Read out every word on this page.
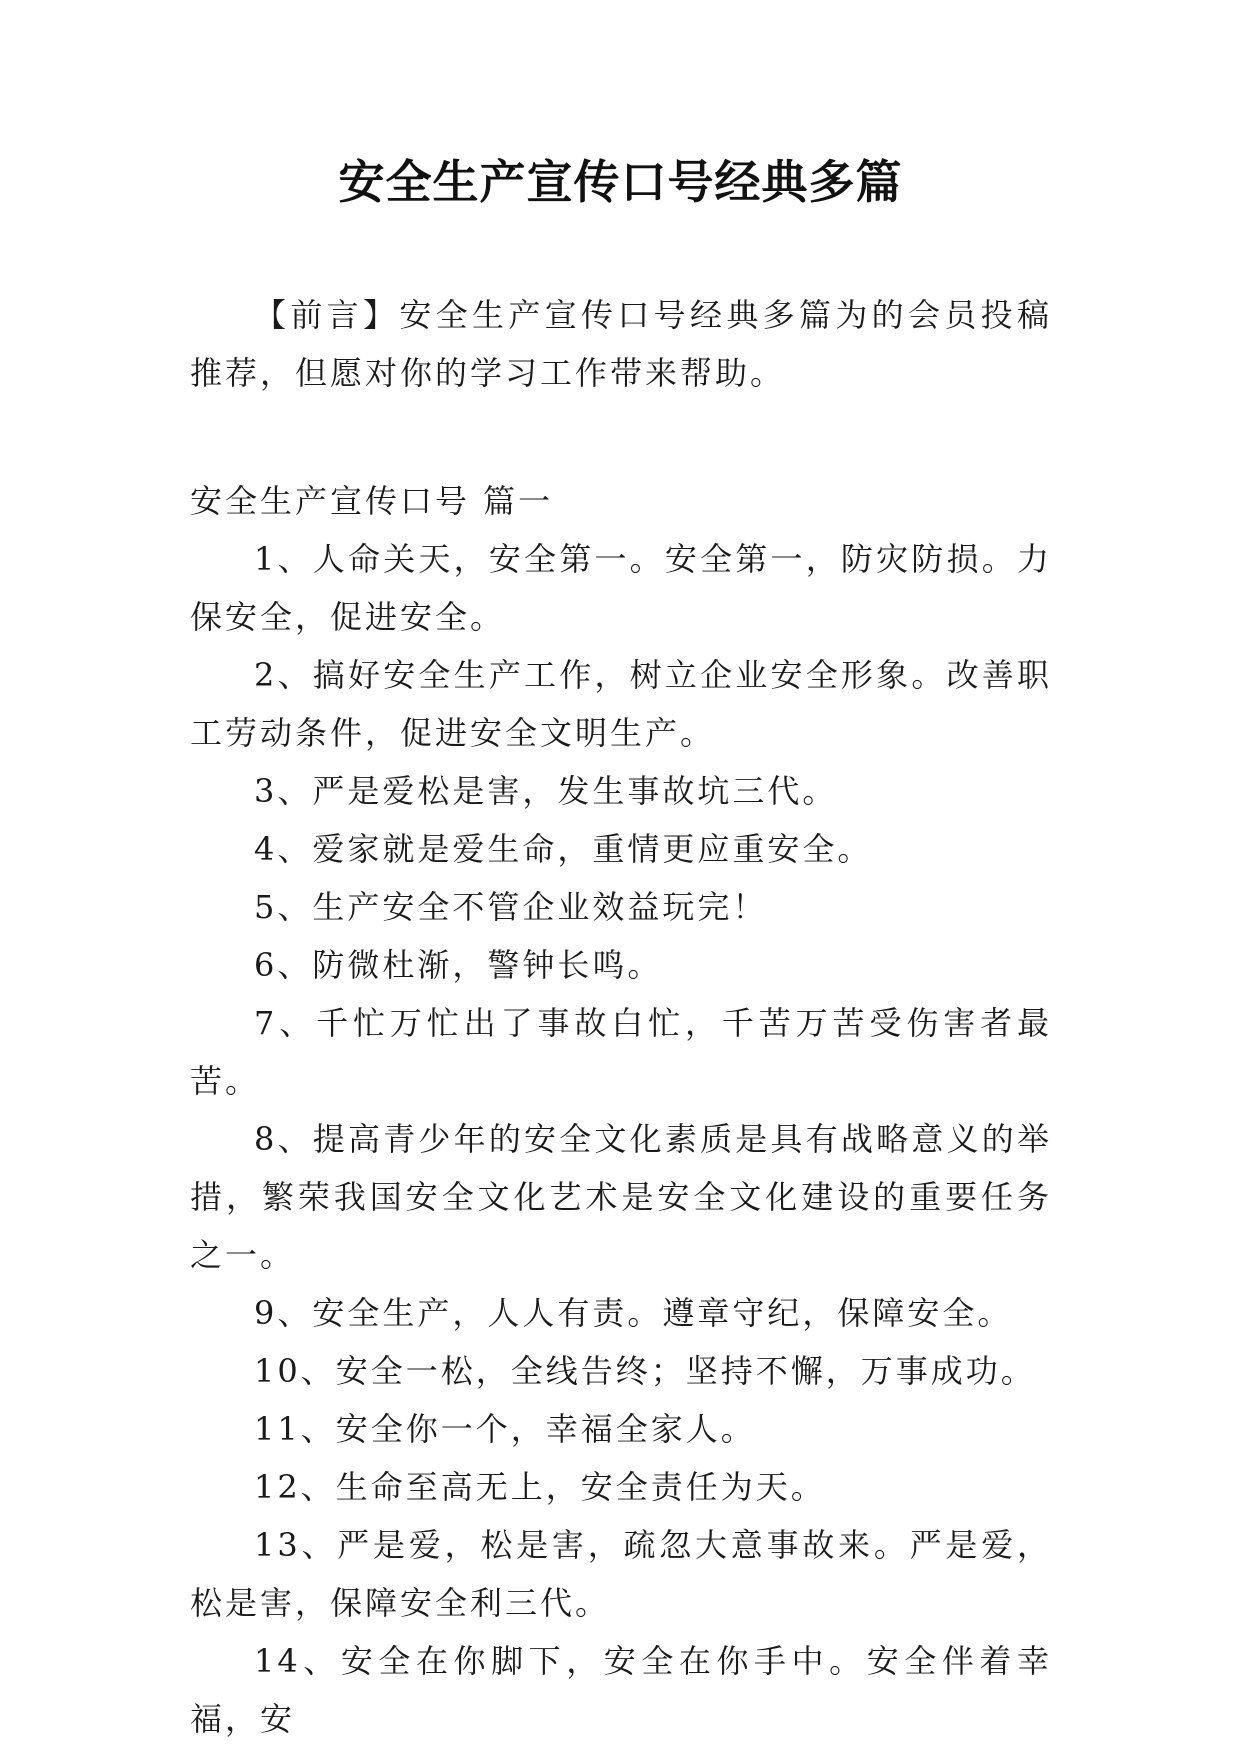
安全生产宣传口号经典多篇

【前言】安全生产宣传口号经典多篇为的会员投稿推荐，但愿对你的学习工作带来帮助。

安全生产宣传口号 篇一

1、人命关天，安全第一。安全第一，防灾防损。力保安全，促进安全。

2、搞好安全生产工作，树立企业安全形象。改善职工劳动条件，促进安全文明生产。

3、严是爱松是害，发生事故坑三代。

4、爱家就是爱生命，重情更应重安全。

5、生产安全不管企业效益玩完！

6、防微杜渐，警钟长鸣。

7、千忙万忙出了事故白忙，千苦万苦受伤害者最苦。

8、提高青少年的安全文化素质是具有战略意义的举措，繁荣我国安全文化艺术是安全文化建设的重要任务之一。

9、安全生产，人人有责。遵章守纪，保障安全。

10、安全一松，全线告终；坚持不懈，万事成功。

11、安全你一个，幸福全家人。

12、生命至高无上，安全责任为天。

13、严是爱，松是害，疏忽大意事故来。严是爱，松是害，保障安全利三代。

14、安全在你脚下，安全在你手中。安全伴着幸福，安
